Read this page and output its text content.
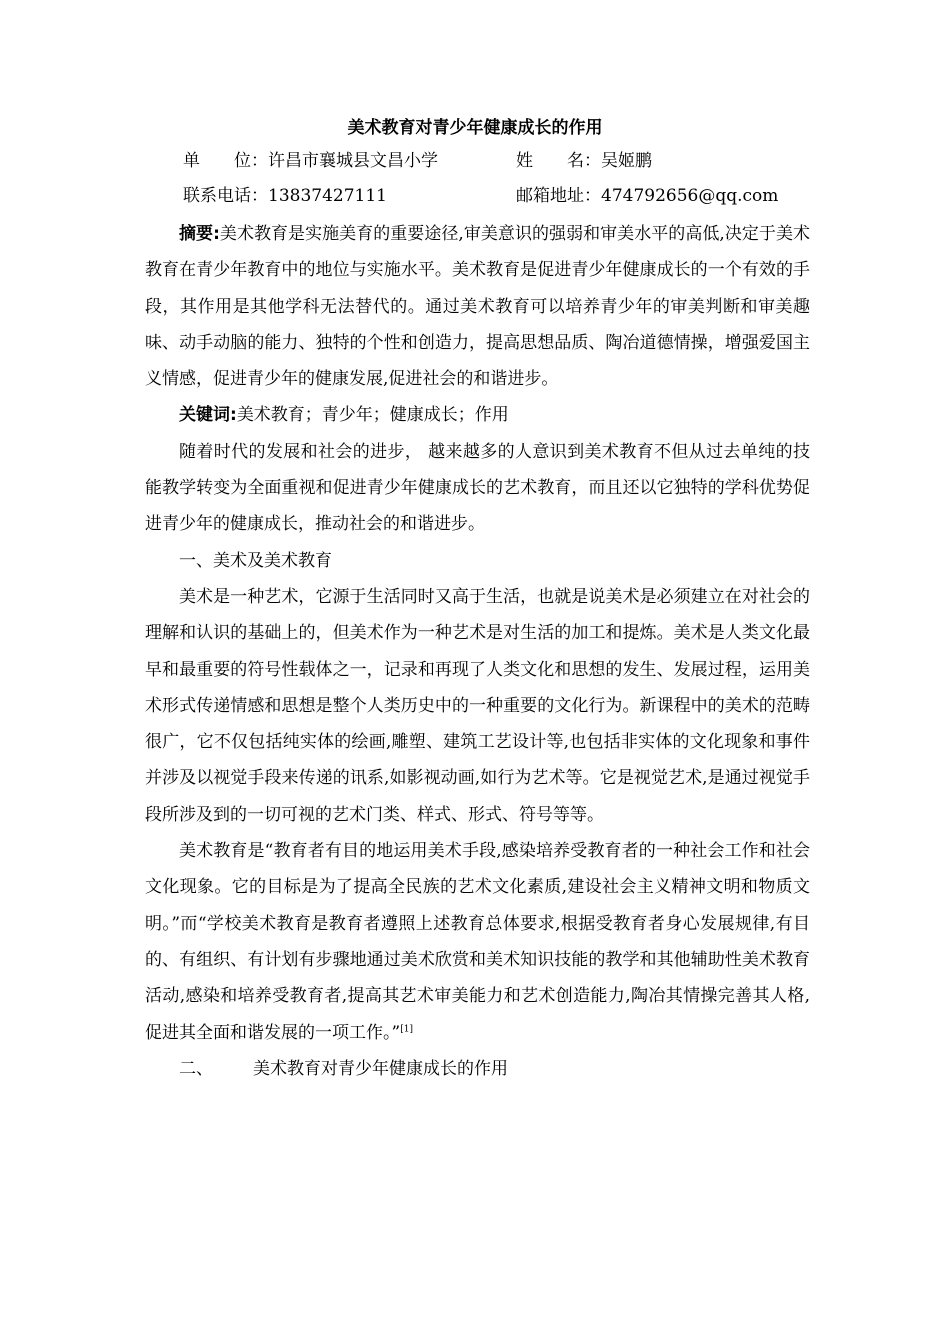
美术教育对青少年健康成长的作用
单　　位：许昌市襄城县文昌小学	姓　　名：吴姬鹏
联系电话：13837427111	邮箱地址：474792656@qq.com

摘要:美术教育是实施美育的重要途径,审美意识的强弱和审美水平的高低,决定于美术教育在青少年教育中的地位与实施水平。美术教育是促进青少年健康成长的一个有效的手段，其作用是其他学科无法替代的。通过美术教育可以培养青少年的审美判断和审美趣味、动手动脑的能力、独特的个性和创造力，提高思想品质、陶冶道德情操，增强爱国主义情感，促进青少年的健康发展,促进社会的和谐进步。

关键词:美术教育；青少年；健康成长；作用

随着时代的发展和社会的进步， 越来越多的人意识到美术教育不但从过去单纯的技能教学转变为全面重视和促进青少年健康成长的艺术教育，而且还以它独特的学科优势促进青少年的健康成长，推动社会的和谐进步。

一、美术及美术教育

美术是一种艺术，它源于生活同时又高于生活，也就是说美术是必须建立在对社会的理解和认识的基础上的，但美术作为一种艺术是对生活的加工和提炼。美术是人类文化最早和最重要的符号性载体之一，记录和再现了人类文化和思想的发生、发展过程，运用美术形式传递情感和思想是整个人类历史中的一种重要的文化行为。新课程中的美术的范畴很广，它不仅包括纯实体的绘画,雕塑、建筑工艺设计等,也包括非实体的文化现象和事件并涉及以视觉手段来传递的讯系,如影视动画,如行为艺术等。它是视觉艺术,是通过视觉手段所涉及到的一切可视的艺术门类、样式、形式、符号等等。

美术教育是“教育者有目的地运用美术手段,感染培养受教育者的一种社会工作和社会文化现象。它的目标是为了提高全民族的艺术文化素质,建设社会主义精神文明和物质文明。”而“学校美术教育是教育者遵照上述教育总体要求,根据受教育者身心发展规律,有目的、有组织、有计划有步骤地通过美术欣赏和美术知识技能的教学和其他辅助性美术教育活动,感染和培养受教育者,提高其艺术审美能力和艺术创造能力,陶冶其情操完善其人格,促进其全面和谐发展的一项工作。”[1]

二、 美术教育对青少年健康成长的作用
